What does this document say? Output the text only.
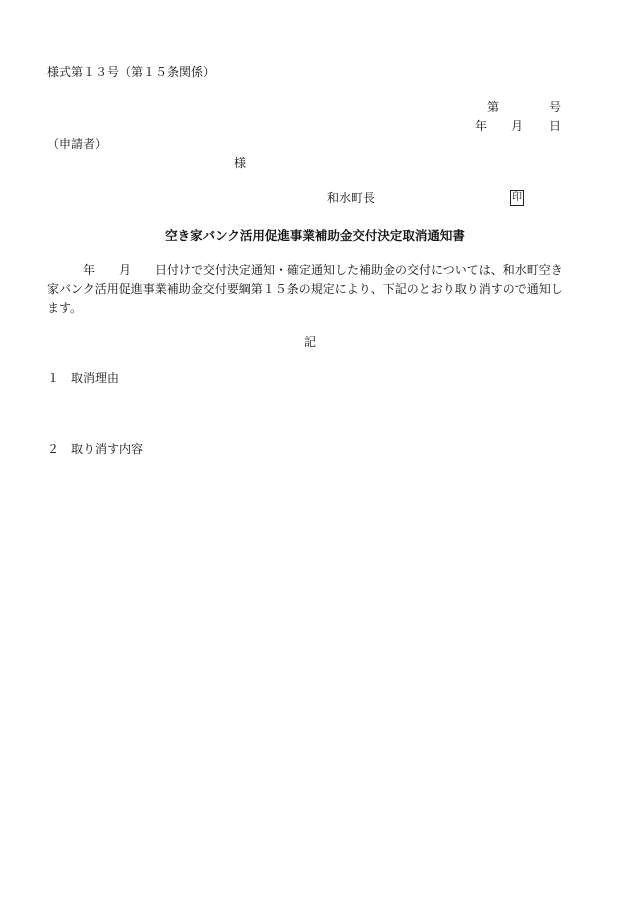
様式第１３号（第１５条関係）
第	号
年 月 日
（申請者）
様
和水町長	印
空き家バンク活用促進事業補助金交付決定取消通知書
年 月 日付けで交付決定通知・確定通知した補助金の交付については、和水町空き
家バンク活用促進事業補助金交付要綱第１５条の規定により、下記のとおり取り消すので通知し
ます。
記
１ 取消理由
２ 取り消す内容
